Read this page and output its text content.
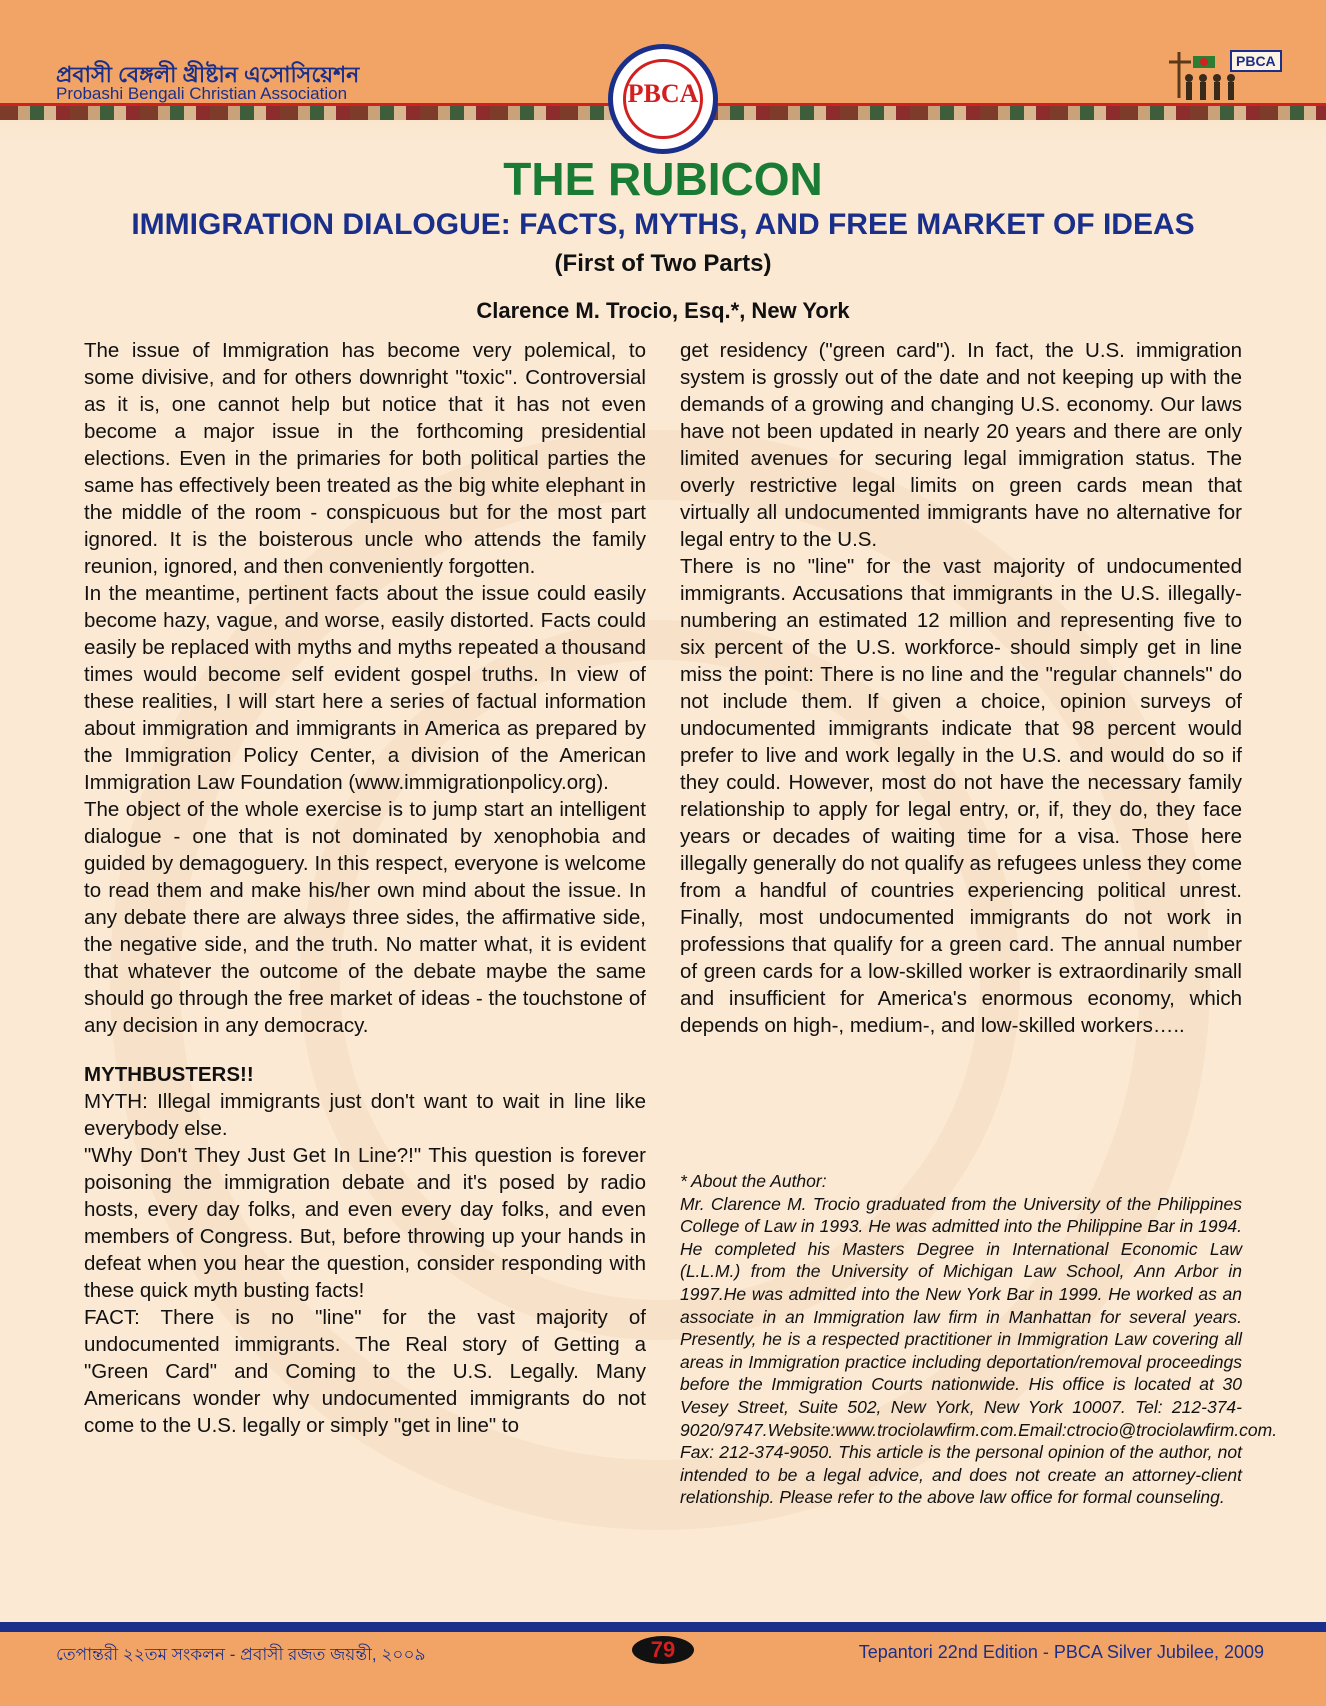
প্রবাসী বেঙ্গলী খ্রীষ্টান এসোসিয়েশন
Probashi Bengali Christian Association
PBCA
PBCA
THE RUBICON
IMMIGRATION DIALOGUE: FACTS, MYTHS, AND FREE MARKET OF IDEAS
(First of Two Parts)
Clarence M. Trocio, Esq.*, New York

The issue of Immigration has become very polemical, to some divisive, and for others downright "toxic". Controversial as it is, one cannot help but notice that it has not even become a major issue in the forthcoming presidential elections. Even in the primaries for both political parties the same has effectively been treated as the big white elephant in the middle of the room - conspicuous but for the most part ignored. It is the boisterous uncle who attends the family reunion, ignored, and then conveniently forgotten.

In the meantime, pertinent facts about the issue could easily become hazy, vague, and worse, easily distorted. Facts could easily be replaced with myths and myths repeated a thousand times would become self evident gospel truths. In view of these realities, I will start here a series of factual information about immigration and immigrants in America as prepared by the Immigration Policy Center, a division of the American Immigration Law Foundation (www.immigrationpolicy.org).

The object of the whole exercise is to jump start an intelligent dialogue - one that is not dominated by xenophobia and guided by demagoguery. In this respect, everyone is welcome to read them and make his/her own mind about the issue. In any debate there are always three sides, the affirmative side, the negative side, and the truth. No matter what, it is evident that whatever the outcome of the debate maybe the same should go through the free market of ideas - the touchstone of any decision in any democracy.

MYTHBUSTERS!!

MYTH: Illegal immigrants just don't want to wait in line like everybody else.

"Why Don't They Just Get In Line?!" This question is forever poisoning the immigration debate and it's posed by radio hosts, every day folks, and even every day folks, and even members of Congress. But, before throwing up your hands in defeat when you hear the question, consider responding with these quick myth busting facts!

FACT: There is no "line" for the vast majority of undocumented immigrants. The Real story of Getting a "Green Card" and Coming to the U.S. Legally. Many Americans wonder why undocumented immigrants do not come to the U.S. legally or simply "get in line" to

get residency ("green card"). In fact, the U.S. immigration system is grossly out of the date and not keeping up with the demands of a growing and changing U.S. economy. Our laws have not been updated in nearly 20 years and there are only limited avenues for securing legal immigration status. The overly restrictive legal limits on green cards mean that virtually all undocumented immigrants have no alternative for legal entry to the U.S.

There is no "line" for the vast majority of undocumented immigrants. Accusations that immigrants in the U.S. illegally- numbering an estimated 12 million and representing five to six percent of the U.S. workforce- should simply get in line miss the point: There is no line and the "regular channels" do not include them. If given a choice, opinion surveys of undocumented immigrants indicate that 98 percent would prefer to live and work legally in the U.S. and would do so if they could. However, most do not have the necessary family relationship to apply for legal entry, or, if, they do, they face years or decades of waiting time for a visa. Those here illegally generally do not qualify as refugees unless they come from a handful of countries experiencing political unrest. Finally, most undocumented immigrants do not work in professions that qualify for a green card. The annual number of green cards for a low-skilled worker is extraordinarily small and insufficient for America's enormous economy, which depends on high-, medium-, and low-skilled workers…..

* About the Author:

Mr. Clarence M. Trocio graduated from the University of the Philippines College of Law in 1993. He was admitted into the Philippine Bar in 1994. He completed his Masters Degree in International Economic Law (L.L.M.) from the University of Michigan Law School, Ann Arbor in 1997.He was admitted into the New York Bar in 1999. He worked as an associate in an Immigration law firm in Manhattan for several years. Presently, he is a respected practitioner in Immigration Law covering all areas in Immigration practice including deportation/removal proceedings before the Immigration Courts nationwide. His office is located at 30 Vesey Street, Suite 502, New York, New York 10007. Tel: 212-374-9020/9747.Website:www.trociolawfirm.com.Email:ctrocio@trociolawfirm.com. Fax: 212-374-9050. This article is the personal opinion of the author, not intended to be a legal advice, and does not create an attorney-client relationship. Please refer to the above law office for formal counseling.

তেপান্তরী ২২তম সংকলন - প্রবাসী রজত জয়ন্তী, ২০০৯	79	Tepantori 22nd Edition - PBCA Silver Jubilee, 2009
